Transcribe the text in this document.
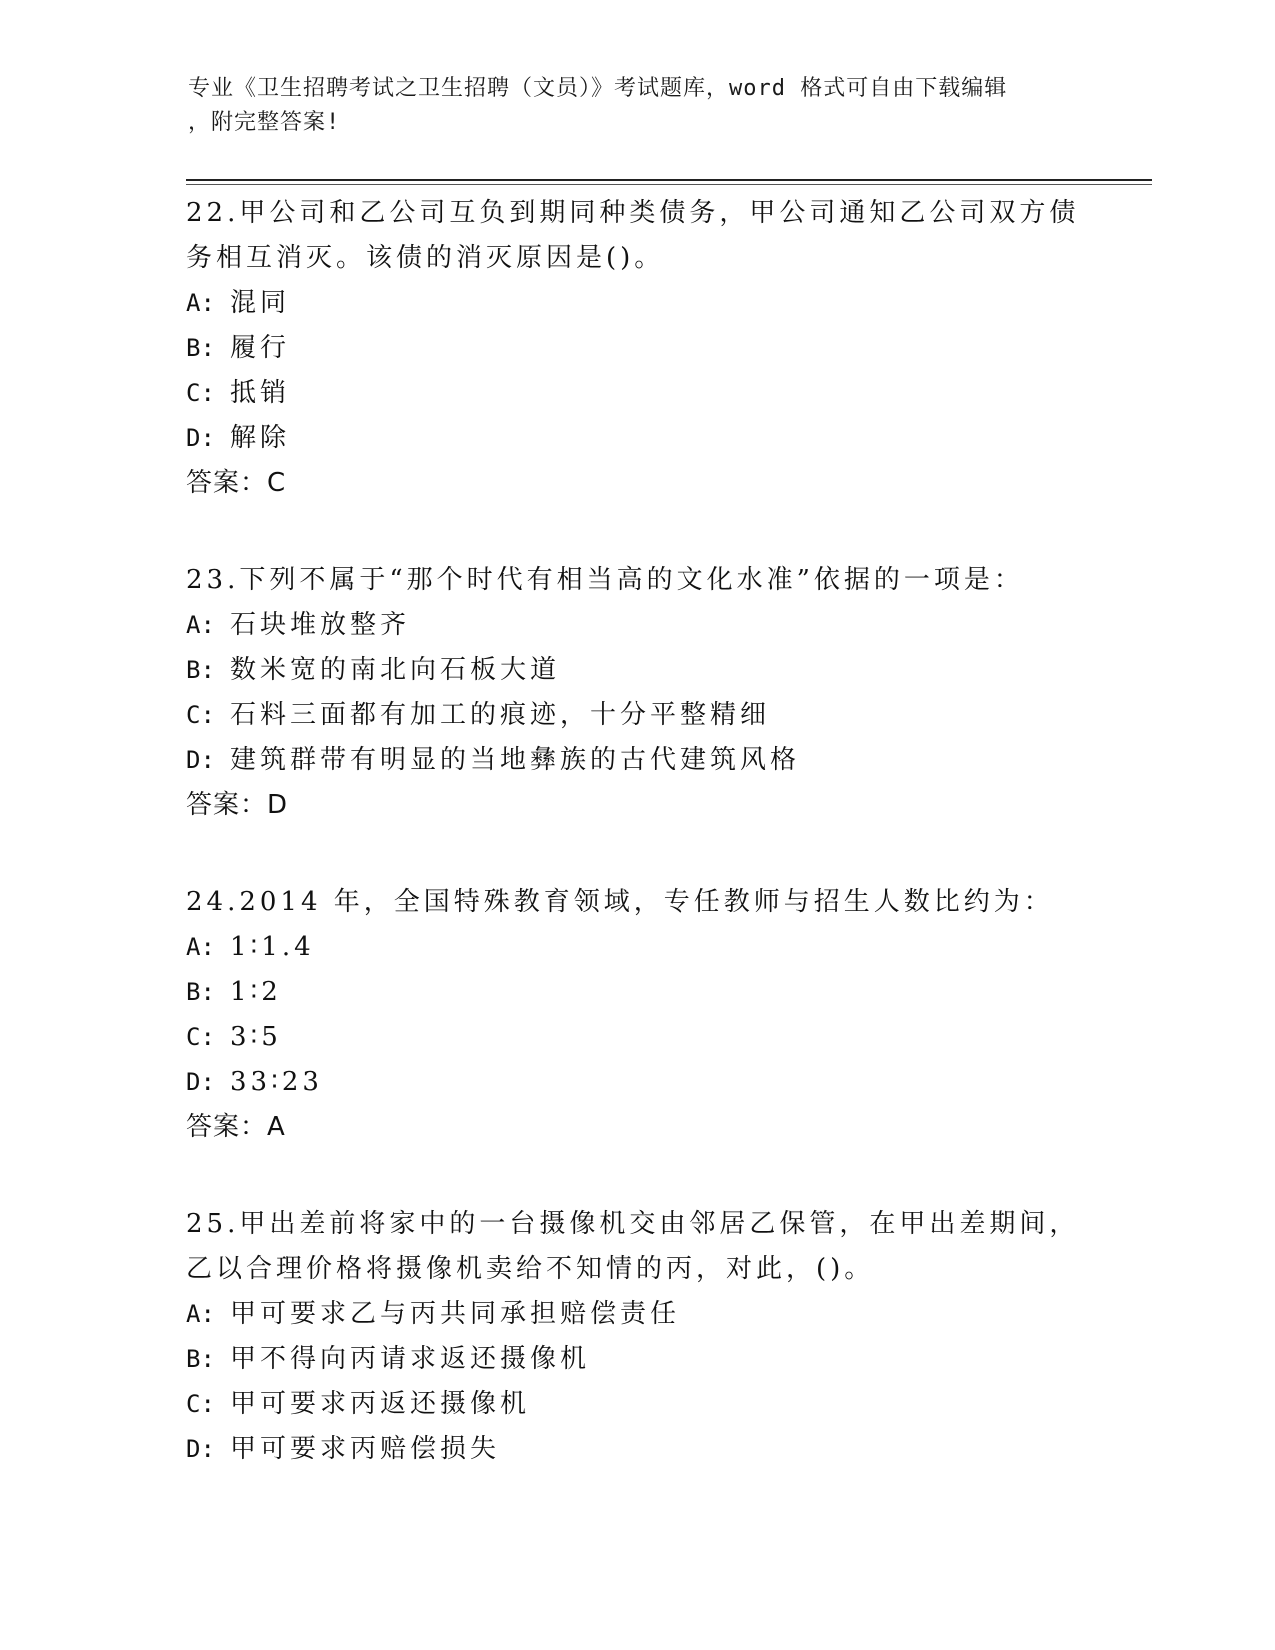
专业《卫生招聘考试之卫生招聘（文员）》考试题库，word 格式可自由下载编辑
，附完整答案!
22.甲公司和乙公司互负到期同种类债务，甲公司通知乙公司双方债务相互消灭。该债的消灭原因是()。
A: 混同
B: 履行
C: 抵销
D: 解除
答案：C
23.下列不属于“那个时代有相当高的文化水准”依据的一项是：
A: 石块堆放整齐
B: 数米宽的南北向石板大道
C: 石料三面都有加工的痕迹，十分平整精细
D: 建筑群带有明显的当地彝族的古代建筑风格
答案：D
24.2014 年，全国特殊教育领域，专任教师与招生人数比约为：
A: 1∶1.4
B: 1∶2
C: 3∶5
D: 33∶23
答案：A
25.甲出差前将家中的一台摄像机交由邻居乙保管，在甲出差期间，乙以合理价格将摄像机卖给不知情的丙，对此，()。
A: 甲可要求乙与丙共同承担赔偿责任
B: 甲不得向丙请求返还摄像机
C: 甲可要求丙返还摄像机
D: 甲可要求丙赔偿损失
